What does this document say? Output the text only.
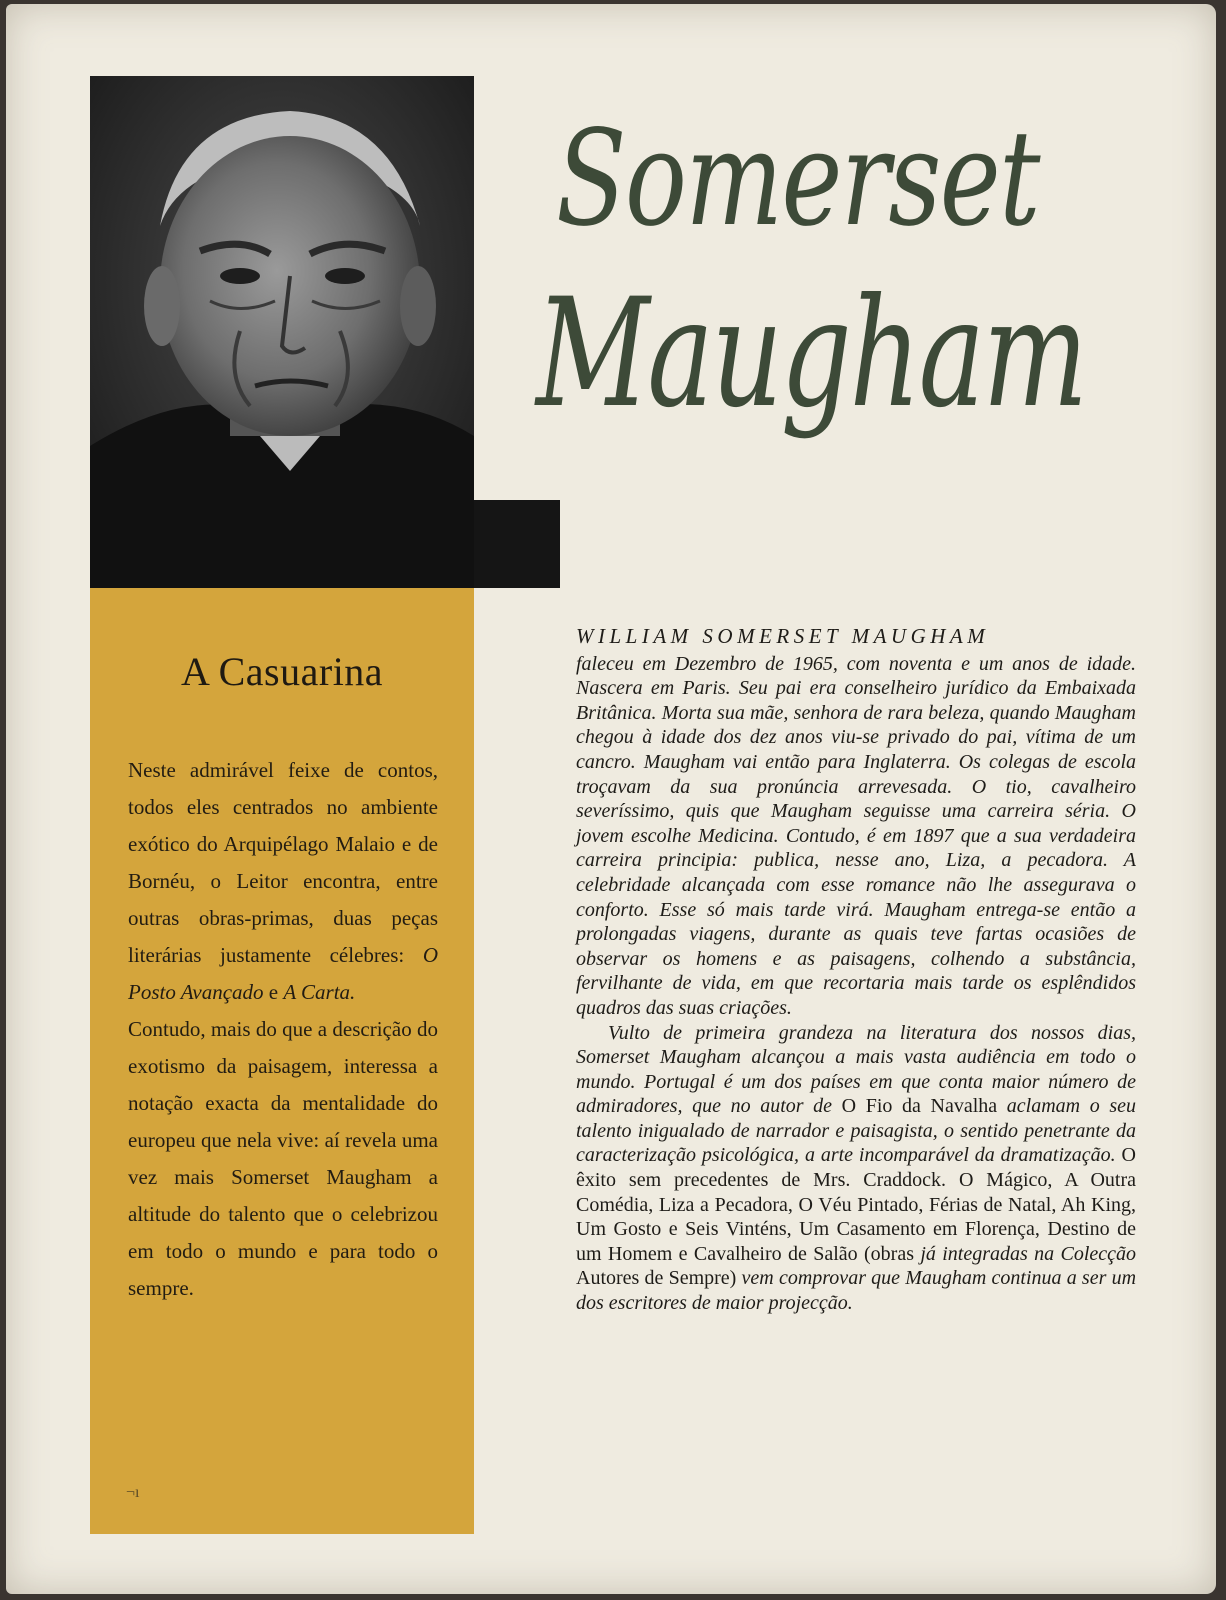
Somerset
Maugham
A Casuarina

Neste admirável feixe de contos, todos eles centrados no ambiente exótico do Arquipélago Malaio e de Bornéu, o Leitor encontra, entre outras obras-primas, duas peças literárias justamente célebres: O Posto Avançado e A Carta.

Contudo, mais do que a descrição do exotismo da paisagem, interessa a notação exacta da mentalidade do europeu que nela vive: aí revela uma vez mais Somerset Maugham a altitude do talento que o celebrizou em todo o mundo e para todo o sempre.

¬ı
WILLIAM SOMERSET MAUGHAM

faleceu em Dezembro de 1965, com noventa e um anos de idade. Nascera em Paris. Seu pai era conselheiro jurídico da Embaixada Britânica. Morta sua mãe, senhora de rara beleza, quando Maugham chegou à idade dos dez anos viu-se privado do pai, vítima de um cancro. Maugham vai então para Inglaterra. Os colegas de escola troçavam da sua pronúncia arrevesada. O tio, cavalheiro severíssimo, quis que Maugham seguisse uma carreira séria. O jovem escolhe Medicina. Contudo, é em 1897 que a sua verdadeira carreira principia: publica, nesse ano, Liza, a pecadora. A celebridade alcançada com esse romance não lhe assegurava o conforto. Esse só mais tarde virá. Maugham entrega-se então a prolongadas viagens, durante as quais teve fartas ocasiões de observar os homens e as paisagens, colhendo a substância, fervilhante de vida, em que recortaria mais tarde os esplêndidos quadros das suas criações.

Vulto de primeira grandeza na literatura dos nossos dias, Somerset Maugham alcançou a mais vasta audiência em todo o mundo. Portugal é um dos países em que conta maior número de admiradores, que no autor de O Fio da Navalha aclamam o seu talento inigualado de narrador e paisagista, o sentido penetrante da caracterização psicológica, a arte incomparável da dramatização. O êxito sem precedentes de Mrs. Craddock. O Mágico, A Outra Comédia, Liza a Pecadora, O Véu Pintado, Férias de Natal, Ah King, Um Gosto e Seis Vinténs, Um Casamento em Florença, Destino de um Homem e Cavalheiro de Salão (obras já integradas na Colecção Autores de Sempre) vem comprovar que Maugham continua a ser um dos escritores de maior projecção.
